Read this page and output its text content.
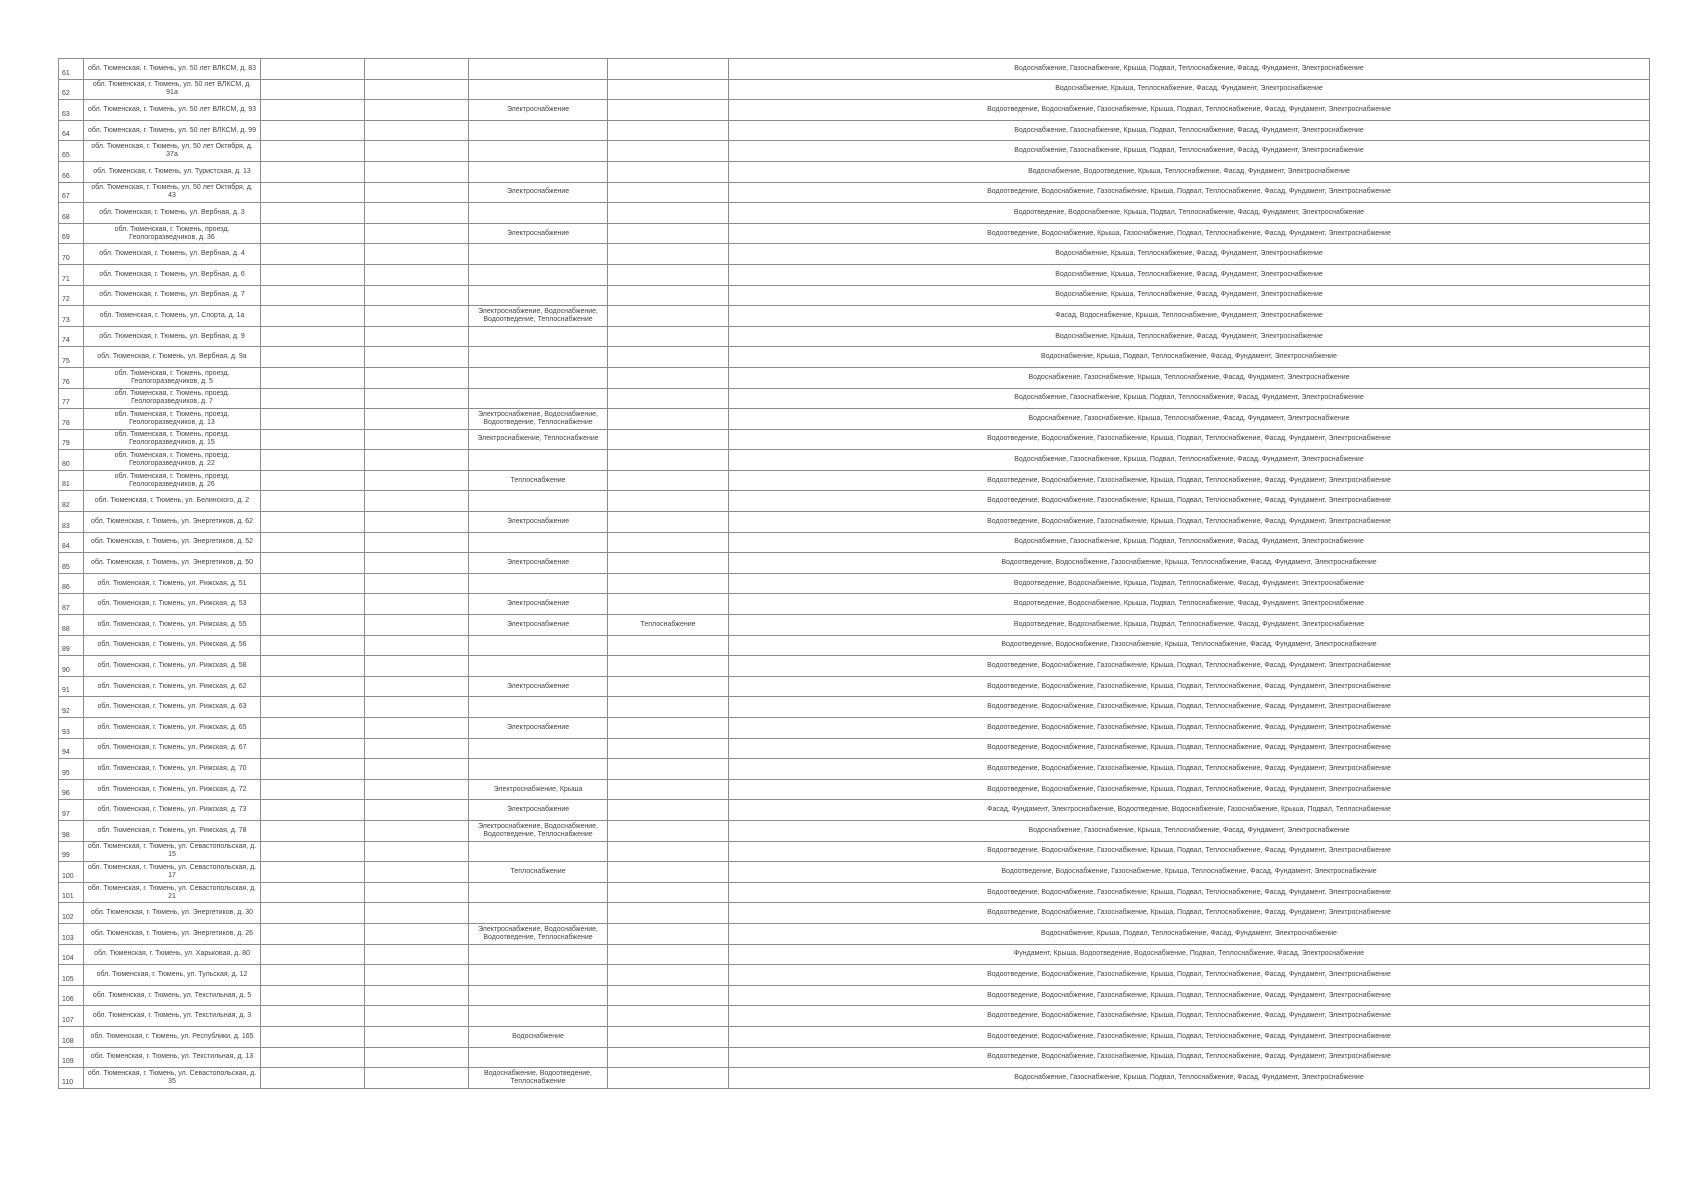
61	обл. Тюменская, г. Тюмень, ул. 50 лет ВЛКСМ, д. 83					Водоснабжение, Газоснабжение, Крыша, Подвал, Теплоснабжение, Фасад, Фундамент, Электроснабжение
62	обл. Тюменская, г. Тюмень, ул. 50 лет ВЛКСМ, д. 91а					Водоснабжение, Крыша, Теплоснабжение, Фасад, Фундамент, Электроснабжение
63	обл. Тюменская, г. Тюмень, ул. 50 лет ВЛКСМ, д. 93			Электроснабжение		Водоотведение, Водоснабжение, Газоснабжение, Крыша, Подвал, Теплоснабжение, Фасад, Фундамент, Электроснабжение
64	обл. Тюменская, г. Тюмень, ул. 50 лет ВЛКСМ, д. 99					Водоснабжение, Газоснабжение, Крыша, Подвал, Теплоснабжение, Фасад, Фундамент, Электроснабжение
65	обл. Тюменская, г. Тюмень, ул. 50 лет Октября, д. 37а					Водоснабжение, Газоснабжение, Крыша, Подвал, Теплоснабжение, Фасад, Фундамент, Электроснабжение
66	обл. Тюменская, г. Тюмень, ул. Туристская, д. 13					Водоснабжение, Водоотведение, Крыша, Теплоснабжение, Фасад, Фундамент, Электроснабжение
67	обл. Тюменская, г. Тюмень, ул. 50 лет Октября, д. 43			Электроснабжение		Водоотведение, Водоснабжение, Газоснабжение, Крыша, Подвал, Теплоснабжение, Фасад, Фундамент, Электроснабжение
68	обл. Тюменская, г. Тюмень, ул. Вербная, д. 3					Водоотведение, Водоснабжение, Крыша, Подвал, Теплоснабжение, Фасад, Фундамент, Электроснабжение
69	обл. Тюменская, г. Тюмень, проезд. Геологоразведчиков, д. 36			Электроснабжение		Водоотведение, Водоснабжение, Крыша, Газоснабжение, Подвал, Теплоснабжение, Фасад, Фундамент, Электроснабжение
70	обл. Тюменская, г. Тюмень, ул. Вербная, д. 4					Водоснабжение, Крыша, Теплоснабжение, Фасад, Фундамент, Электроснабжение
71	обл. Тюменская, г. Тюмень, ул. Вербная, д. 6					Водоснабжение, Крыша, Теплоснабжение, Фасад, Фундамент, Электроснабжение
72	обл. Тюменская, г. Тюмень, ул. Вербная, д. 7					Водоснабжение, Крыша, Теплоснабжение, Фасад, Фундамент, Электроснабжение
73	обл. Тюменская, г. Тюмень, ул. Спорта, д. 1а			Электроснабжение, Водоснабжение, Водоотведение, Теплоснабжение		Фасад, Водоснабжение, Крыша, Теплоснабжение, Фундамент, Электроснабжение
74	обл. Тюменская, г. Тюмень, ул. Вербная, д. 9					Водоснабжение, Крыша, Теплоснабжение, Фасад, Фундамент, Электроснабжение
75	обл. Тюменская, г. Тюмень, ул. Вербная, д. 9а					Водоснабжение, Крыша, Подвал, Теплоснабжение, Фасад, Фундамент, Электроснабжение
76	обл. Тюменская, г. Тюмень, проезд. Геологоразведчиков, д. 5					Водоснабжение, Газоснабжение, Крыша, Теплоснабжение, Фасад, Фундамент, Электроснабжение
77	обл. Тюменская, г. Тюмень, проезд. Геологоразведчиков, д. 7					Водоснабжение, Газоснабжение, Крыша, Подвал, Теплоснабжение, Фасад, Фундамент, Электроснабжение
78	обл. Тюменская, г. Тюмень, проезд. Геологоразведчиков, д. 13			Электроснабжение, Водоснабжение, Водоотведение, Теплоснабжение		Водоснабжение, Газоснабжение, Крыша, Теплоснабжение, Фасад, Фундамент, Электроснабжение
79	обл. Тюменская, г. Тюмень, проезд. Геологоразведчиков, д. 15			Электроснабжение, Теплоснабжение		Водоотведение, Водоснабжение, Газоснабжение, Крыша, Подвал, Теплоснабжение, Фасад, Фундамент, Электроснабжение
80	обл. Тюменская, г. Тюмень, проезд. Геологоразведчиков, д. 22					Водоснабжение, Газоснабжение, Крыша, Подвал, Теплоснабжение, Фасад, Фундамент, Электроснабжение
81	обл. Тюменская, г. Тюмень, проезд. Геологоразведчиков, д. 26			Теплоснабжение		Водоотведение, Водоснабжение, Газоснабжение, Крыша, Подвал, Теплоснабжение, Фасад, Фундамент, Электроснабжение
82	обл. Тюменская, г. Тюмень, ул. Белинского, д. 2					Водоотведение, Водоснабжение, Газоснабжение, Крыша, Подвал, Теплоснабжение, Фасад, Фундамент, Электроснабжение
83	обл. Тюменская, г. Тюмень, ул. Энергетиков, д. 62			Электроснабжение		Водоотведение, Водоснабжение, Газоснабжение, Крыша, Подвал, Теплоснабжение, Фасад, Фундамент, Электроснабжение
84	обл. Тюменская, г. Тюмень, ул. Энергетиков, д. 52					Водоснабжение, Газоснабжение, Крыша, Подвал, Теплоснабжение, Фасад, Фундамент, Электроснабжение
85	обл. Тюменская, г. Тюмень, ул. Энергетиков, д. 50			Электроснабжение		Водоотведение, Водоснабжение, Газоснабжение, Крыша, Теплоснабжение, Фасад, Фундамент, Электроснабжение
86	обл. Тюменская, г. Тюмень, ул. Рижская, д. 51					Водоотведение, Водоснабжение, Крыша, Подвал, Теплоснабжение, Фасад, Фундамент, Электроснабжение
87	обл. Тюменская, г. Тюмень, ул. Рижская, д. 53			Электроснабжение		Водоотведение, Водоснабжение, Крыша, Подвал, Теплоснабжение, Фасад, Фундамент, Электроснабжение
88	обл. Тюменская, г. Тюмень, ул. Рижская, д. 55			Электроснабжение	Теплоснабжение	Водоотведение, Водоснабжение, Крыша, Подвал, Теплоснабжение, Фасад, Фундамент, Электроснабжение
89	обл. Тюменская, г. Тюмень, ул. Рижская, д. 56					Водоотведение, Водоснабжение, Газоснабжение, Крыша, Теплоснабжение, Фасад, Фундамент, Электроснабжение
90	обл. Тюменская, г. Тюмень, ул. Рижская, д. 58					Водоотведение, Водоснабжение, Газоснабжение, Крыша, Подвал, Теплоснабжение, Фасад, Фундамент, Электроснабжение
91	обл. Тюменская, г. Тюмень, ул. Рижская, д. 62			Электроснабжение		Водоотведение, Водоснабжение, Газоснабжение, Крыша, Подвал, Теплоснабжение, Фасад, Фундамент, Электроснабжение
92	обл. Тюменская, г. Тюмень, ул. Рижская, д. 63					Водоотведение, Водоснабжение, Газоснабжение, Крыша, Подвал, Теплоснабжение, Фасад, Фундамент, Электроснабжение
93	обл. Тюменская, г. Тюмень, ул. Рижская, д. 65			Электроснабжение		Водоотведение, Водоснабжение, Газоснабжение, Крыша, Подвал, Теплоснабжение, Фасад, Фундамент, Электроснабжение
94	обл. Тюменская, г. Тюмень, ул. Рижская, д. 67					Водоотведение, Водоснабжение, Газоснабжение, Крыша, Подвал, Теплоснабжение, Фасад, Фундамент, Электроснабжение
95	обл. Тюменская, г. Тюмень, ул. Рижская, д. 70					Водоотведение, Водоснабжение, Газоснабжение, Крыша, Подвал, Теплоснабжение, Фасад, Фундамент, Электроснабжение
96	обл. Тюменская, г. Тюмень, ул. Рижская, д. 72			Электроснабжение, Крыша		Водоотведение, Водоснабжение, Газоснабжение, Крыша, Подвал, Теплоснабжение, Фасад, Фундамент, Электроснабжение
97	обл. Тюменская, г. Тюмень, ул. Рижская, д. 73			Электроснабжение		Фасад, Фундамент, Электроснабжение, Водоотведение, Водоснабжение, Газоснабжение, Крыша, Подвал, Теплоснабжение
98	обл. Тюменская, г. Тюмень, ул. Рижская, д. 78			Электроснабжение, Водоснабжение, Водоотведение, Теплоснабжение		Водоснабжение, Газоснабжение, Крыша, Теплоснабжение, Фасад, Фундамент, Электроснабжение
99	обл. Тюменская, г. Тюмень, ул. Севастопольская, д. 15					Водоотведение, Водоснабжение, Газоснабжение, Крыша, Подвал, Теплоснабжение, Фасад, Фундамент, Электроснабжение
100	обл. Тюменская, г. Тюмень, ул. Севастопольская, д. 17			Теплоснабжение		Водоотведение, Водоснабжение, Газоснабжение, Крыша, Теплоснабжение, Фасад, Фундамент, Электроснабжение
101	обл. Тюменская, г. Тюмень, ул. Севастопольская, д. 21					Водоотведение, Водоснабжение, Газоснабжение, Крыша, Подвал, Теплоснабжение, Фасад, Фундамент, Электроснабжение
102	обл. Тюменская, г. Тюмень, ул. Энергетиков, д. 30					Водоотведение, Водоснабжение, Газоснабжение, Крыша, Подвал, Теплоснабжение, Фасад, Фундамент, Электроснабжение
103	обл. Тюменская, г. Тюмень, ул. Энергетиков, д. 26			Электроснабжение, Водоснабжение, Водоотведение, Теплоснабжение		Водоснабжение, Крыша, Подвал, Теплоснабжение, Фасад, Фундамент, Электроснабжение
104	обл. Тюменская, г. Тюмень, ул. Харьковая, д. 80					Фундамент, Крыша, Водоотведение, Водоснабжение, Подвал, Теплоснабжение, Фасад, Электроснабжение
105	обл. Тюменская, г. Тюмень, ул. Тульская, д. 12					Водоотведение, Водоснабжение, Газоснабжение, Крыша, Подвал, Теплоснабжение, Фасад, Фундамент, Электроснабжение
106	обл. Тюменская, г. Тюмень, ул. Текстильная, д. 5					Водоотведение, Водоснабжение, Газоснабжение, Крыша, Подвал, Теплоснабжение, Фасад, Фундамент, Электроснабжение
107	обл. Тюменская, г. Тюмень, ул. Текстильная, д. 3					Водоотведение, Водоснабжение, Газоснабжение, Крыша, Подвал, Теплоснабжение, Фасад, Фундамент, Электроснабжение
108	обл. Тюменская, г. Тюмень, ул. Республики, д. 165			Водоснабжение		Водоотведение, Водоснабжение, Газоснабжение, Крыша, Подвал, Теплоснабжение, Фасад, Фундамент, Электроснабжение
109	обл. Тюменская, г. Тюмень, ул. Текстильная, д. 13					Водоотведение, Водоснабжение, Газоснабжение, Крыша, Подвал, Теплоснабжение, Фасад, Фундамент, Электроснабжение
110	обл. Тюменская, г. Тюмень, ул. Севастопольская, д. 35			Водоснабжение, Водоотведение, Теплоснабжение		Водоснабжение, Газоснабжение, Крыша, Подвал, Теплоснабжение, Фасад, Фундамент, Электроснабжение
